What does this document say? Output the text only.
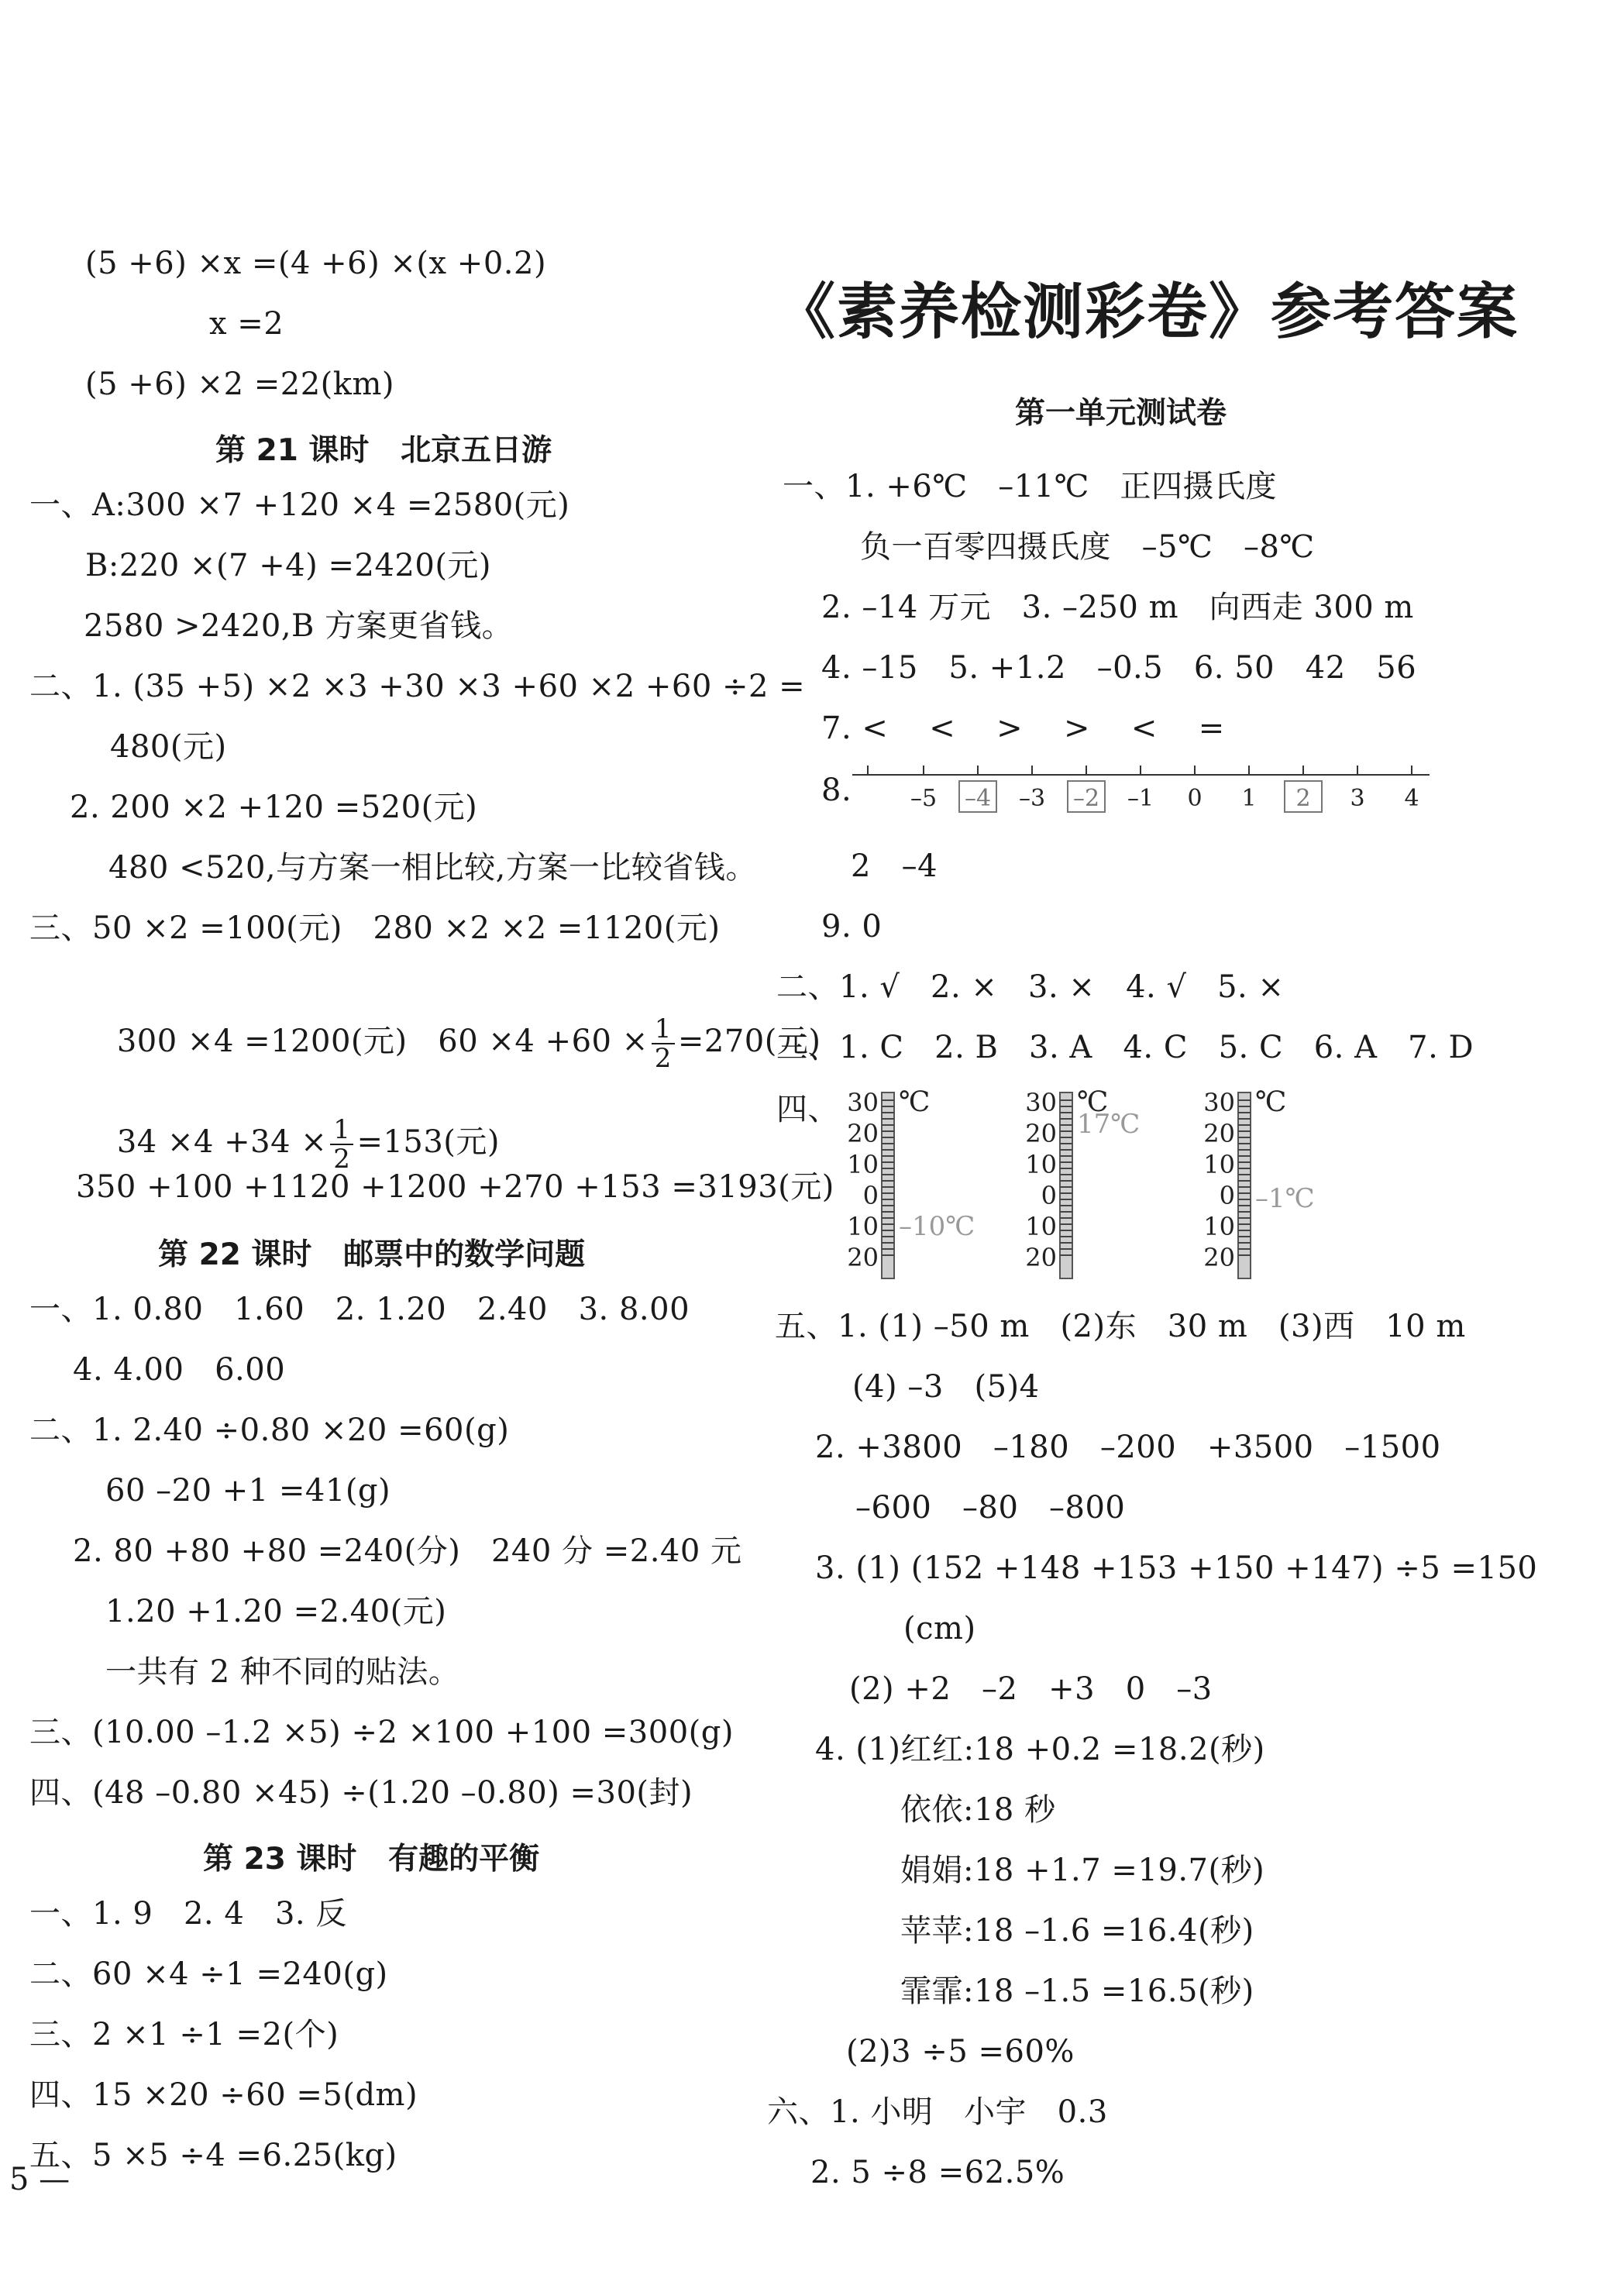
(5 +6) ×x =(4 +6) ×(x +0.2)
x =2
(5 +6) ×2 =22(km)
第 21 课时   北京五日游
一、A:300 ×7 +120 ×4 =2580(元)
B:220 ×(7 +4) =2420(元)
2580 >2420,B 方案更省钱。
二、1. (35 +5) ×2 ×3 +30 ×3 +60 ×2 +60 ÷2 =
480(元)
2. 200 ×2 +120 =520(元)
480 <520,与方案一相比较,方案一比较省钱。
三、50 ×2 =100(元)   280 ×2 ×2 =1120(元)

300 ×4 =1200(元)   $60 \times 4 +60 \times \frac{1}{2} =270$(元)

$34 \times 4 +34 \times \frac{1}{2} =153$(元)

350 +100 +1120 +1200 +270 +153 =3193(元)
第 22 课时   邮票中的数学问题
一、1. 0.80   1.60   2. 1.20   2.40   3. 8.00
4. 4.00   6.00
二、1. 2.40 ÷0.80 ×20 =60(g)
60 –20 +1 =41(g)
2. 80 +80 +80 =240(分)   240 分 =2.40 元
1.20 +1.20 =2.40(元)
一共有 2 种不同的贴法。
三、(10.00 –1.2 ×5) ÷2 ×100 +100 =300(g)
四、(48 –0.80 ×45) ÷(1.20 –0.80) =30(封)
第 23 课时   有趣的平衡
一、1. 9   2. 4   3. 反
二、60 ×4 ÷1 =240(g)
三、2 ×1 ÷1 =2(个)
四、15 ×20 ÷60 =5(dm)
五、5 ×5 ÷4 =6.25(kg)
5 —
《素养检测彩卷》参考答案
第一单元测试卷
一、1. +6℃   –11℃   正四摄氏度
负一百零四摄氏度   –5℃   –8℃
2. –14 万元   3. –250 m   向西走 300 m
4. –15   5. +1.2   –0.5   6. 50   42   56
7. <    <    >    >    <    =
8.	–5 –4 –3 –2 –1 0 1 2 3 4
2   –4
9. 0
二、1. √   2. ×   3. ×   4. √   5. ×
三、1. C   2. B   3. A   4. C   5. C   6. A   7. D
四、 30
20
10
0
10
20
℃
–10℃
30
20
10
0
10
20
℃
17℃
30
20
10
0
10
20
℃
–1℃
五、1. (1) –50 m   (2)东   30 m   (3)西   10 m
(4) –3   (5)4
2. +3800   –180   –200   +3500   –1500
–600   –80   –800
3. (1) (152 +148 +153 +150 +147) ÷5 =150
(cm)
(2) +2   –2   +3   0   –3
4. (1)红红:18 +0.2 =18.2(秒)
依依:18 秒
娟娟:18 +1.7 =19.7(秒)
苹苹:18 –1.6 =16.4(秒)
霏霏:18 –1.5 =16.5(秒)
(2)3 ÷5 =60%
六、1. 小明   小宇   0.3
2. 5 ÷8 =62.5%
